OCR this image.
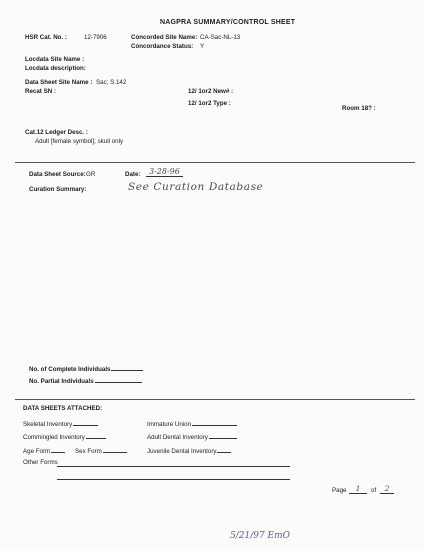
NAGPRA SUMMARY/CONTROL SHEET
HSR Cat. No. :	12-7906	Concorded Site Name: CA-Sac-NL-13
Concordance Status: Y
Locdata Site Name :
Locdata description:
Data Sheet Site Name : Sac; S.142
Recat SN :	12/ 1or2 New# :
12/ 1or2 Type :
Room 18? :
Cat.12 Ledger Desc. :
Adult [female symbol]; skull only
Data Sheet Source: GR	Date:	3-28-96
Curation Summary:	See Curation Database
No. of Complete Individuals
No. Partial Individuals
DATA SHEETS ATTACHED:
Skeletal Inventory	Immature Union
Commingled Inventory	Adult Dental Inventory
Age Form	Sex Form	Juvenile Dental Inventory
Other Forms
Page	1	of	2
5/21/97 EmO
